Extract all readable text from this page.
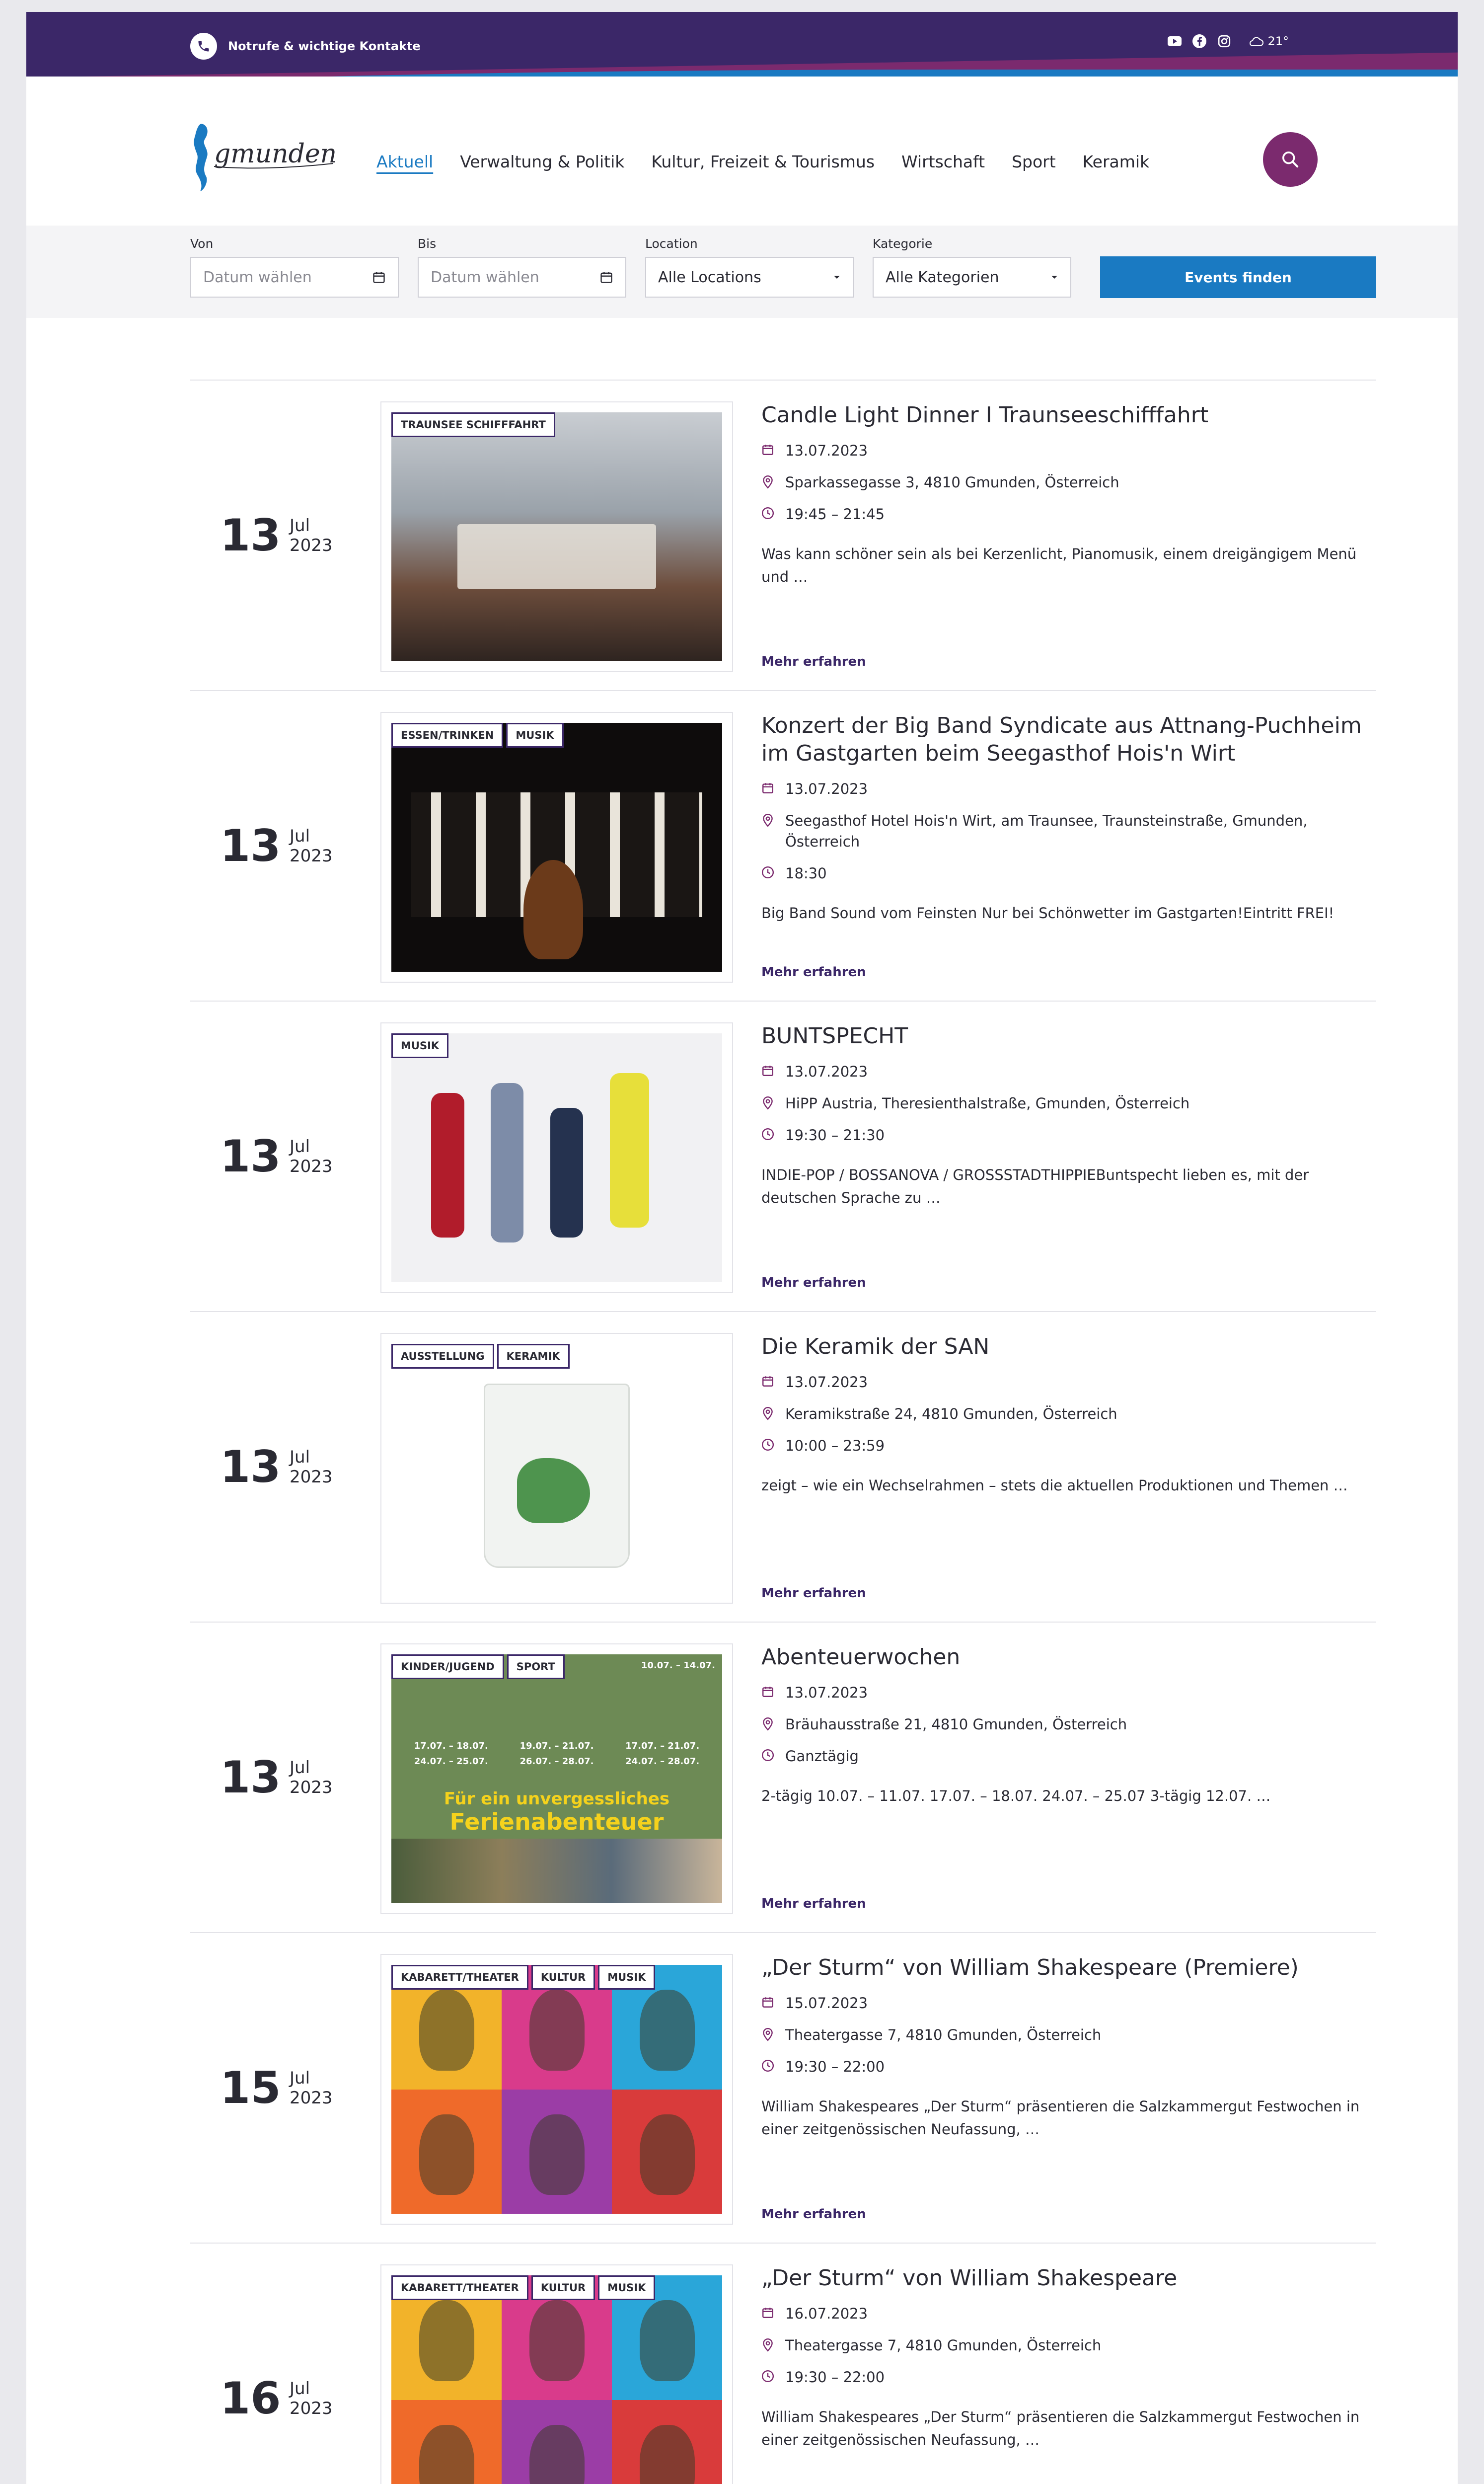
Notrufe & wichtige Kontakte	21°
gmunden Aktuell Verwaltung & Politik Kultur, Freizeit & Tourismus Wirtschaft Sport Keramik
Von
Datum wählen
Bis
Datum wählen
Location
Alle Locations
Kategorie
Alle Kategorien	Events finden
13 Jul
2023
TRAUNSEE SCHIFFFAHRT	Candle Light Dinner I Traunseeschifffahrt
13.07.2023
Sparkassegasse 3, 4810 Gmunden, Österreich
19:45 – 21:45
Was kann schöner sein als bei Kerzenlicht, Pianomusik, einem dreigängigem Menü und …
Mehr erfahren
13 Jul
2023
ESSEN/TRINKEN	MUSIK	Konzert der Big Band Syndicate aus Attnang-Puchheim im Gastgarten beim Seegasthof Hois'n Wirt
13.07.2023
Seegasthof Hotel Hois'n Wirt, am Traunsee, Traunsteinstraße, Gmunden, Österreich
18:30
Big Band Sound vom Feinsten Nur bei Schönwetter im Gastgarten!Eintritt FREI!
Mehr erfahren
13 Jul
2023
MUSIK	BUNTSPECHT
13.07.2023
HiPP Austria, Theresienthalstraße, Gmunden, Österreich
19:30 – 21:30
INDIE-POP / BOSSANOVA / GROSSSTADTHIPPIEBuntspecht lieben es, mit der deutschen Sprache zu …
Mehr erfahren
13 Jul
2023
AUSSTELLUNG	KERAMIK	Die Keramik der SAN
13.07.2023
Keramikstraße 24, 4810 Gmunden, Österreich
10:00 – 23:59
zeigt – wie ein Wechselrahmen – stets die aktuellen Produktionen und Themen …
Mehr erfahren
13 Jul
2023
17.07. – 18.07.	19.07. – 21.07.	17.07. – 21.07.
24.07. – 25.07.	26.07. – 28.07.	24.07. – 28.07.
10.07. – 14.07.
Für ein unvergessliches
Ferienabenteuer
KINDER/JUGEND	SPORT	Abenteuerwochen
13.07.2023
Bräuhausstraße 21, 4810 Gmunden, Österreich
Ganztägig
2-tägig 10.07. – 11.07. 17.07. – 18.07. 24.07. – 25.07 3-tägig 12.07. …
Mehr erfahren
15 Jul
2023
KABARETT/THEATER	KULTUR	MUSIK	„Der Sturm“ von William Shakespeare (Premiere)
15.07.2023
Theatergasse 7, 4810 Gmunden, Österreich
19:30 – 22:00
William Shakespeares „Der Sturm“ präsentieren die Salzkammergut Festwochen in einer zeitgenössischen Neufassung, …
Mehr erfahren
16 Jul
2023
KABARETT/THEATER	KULTUR	MUSIK	„Der Sturm“ von William Shakespeare
16.07.2023
Theatergasse 7, 4810 Gmunden, Österreich
19:30 – 22:00
William Shakespeares „Der Sturm“ präsentieren die Salzkammergut Festwochen in einer zeitgenössischen Neufassung, …
